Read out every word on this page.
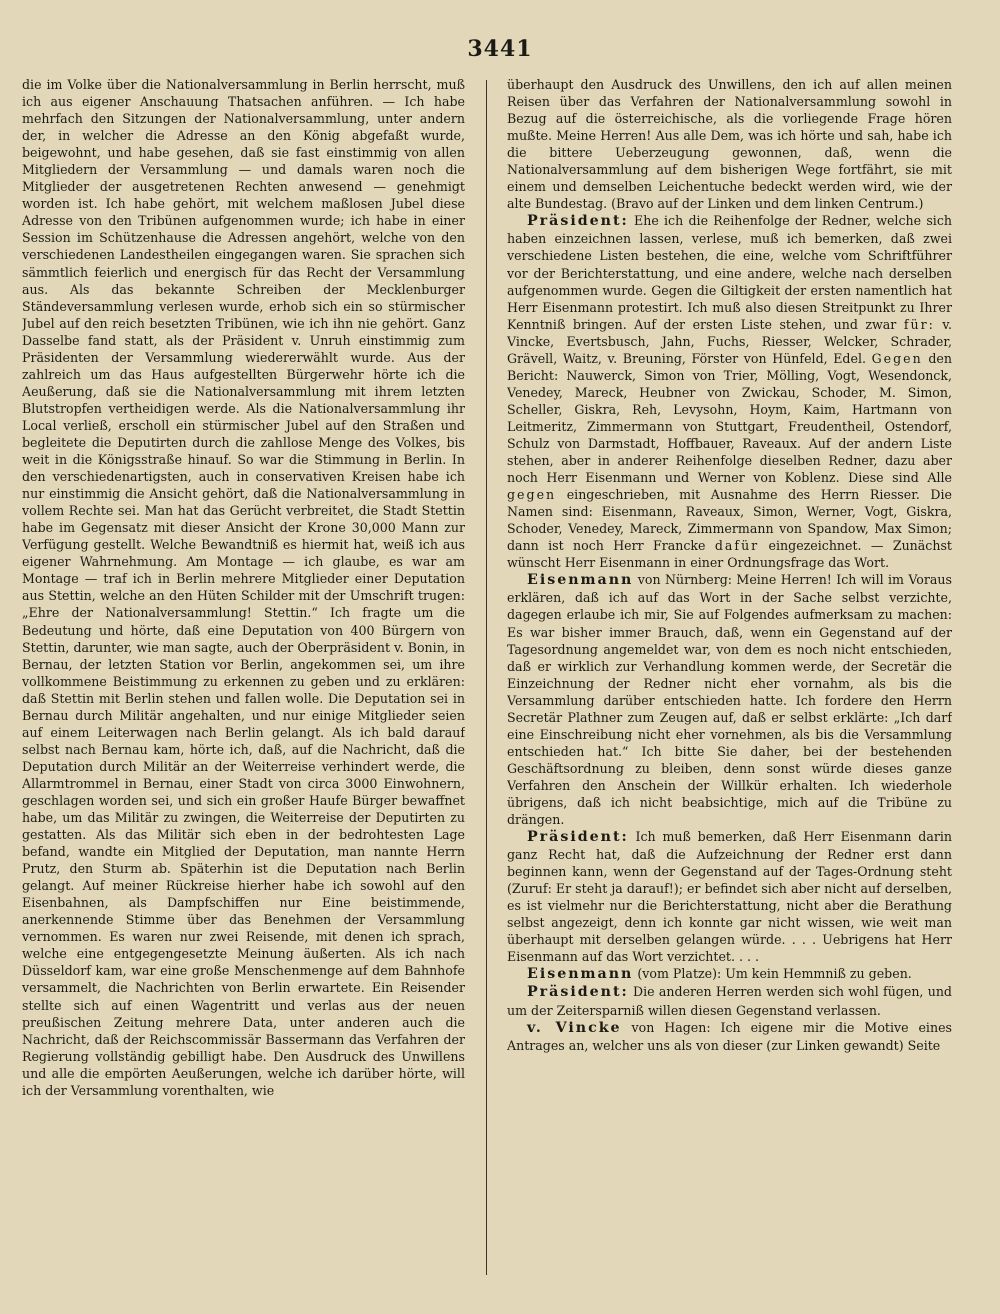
3441

die im Volke über die Nationalversammlung in Berlin herrscht, muß ich aus eigener Anschauung Thatsachen anführen. — Ich habe mehrfach den Sitzungen der Nationalversammlung, unter andern der, in welcher die Adresse an den König abgefaßt wurde, beigewohnt, und habe gesehen, daß sie fast einstimmig von allen Mitgliedern der Versammlung — und damals waren noch die Mitglieder der ausgetretenen Rechten anwesend — genehmigt worden ist. Ich habe gehört, mit welchem maßlosen Jubel diese Adresse von den Tribünen aufgenommen wurde; ich habe in einer Session im Schützenhause die Adressen angehört, welche von den verschiedenen Landestheilen eingegangen waren. Sie sprachen sich sämmtlich feierlich und energisch für das Recht der Versammlung aus. Als das bekannte Schreiben der Mecklenburger Ständeversammlung verlesen wurde, erhob sich ein so stürmischer Jubel auf den reich besetzten Tribünen, wie ich ihn nie gehört. Ganz Dasselbe fand statt, als der Präsident v. Unruh einstimmig zum Präsidenten der Versammlung wiedererwählt wurde. Aus der zahlreich um das Haus aufgestellten Bürgerwehr hörte ich die Aeußerung, daß sie die Nationalversammlung mit ihrem letzten Blutstropfen vertheidigen werde. Als die Nationalversammlung ihr Local verließ, erscholl ein stürmischer Jubel auf den Straßen und begleitete die Deputirten durch die zahllose Menge des Volkes, bis weit in die Königsstraße hinauf. So war die Stimmung in Berlin. In den verschiedenartigsten, auch in conservativen Kreisen habe ich nur einstimmig die Ansicht gehört, daß die Nationalversammlung in vollem Rechte sei. Man hat das Gerücht verbreitet, die Stadt Stettin habe im Gegensatz mit dieser Ansicht der Krone 30,000 Mann zur Verfügung gestellt. Welche Bewandtniß es hiermit hat, weiß ich aus eigener Wahrnehmung. Am Montage — ich glaube, es war am Montage — traf ich in Berlin mehrere Mitglieder einer Deputation aus Stettin, welche an den Hüten Schilder mit der Umschrift trugen: „Ehre der Nationalversammlung! Stettin.“ Ich fragte um die Bedeutung und hörte, daß eine Deputation von 400 Bürgern von Stettin, darunter, wie man sagte, auch der Oberpräsident v. Bonin, in Bernau, der letzten Station vor Berlin, angekommen sei, um ihre vollkommene Beistimmung zu erkennen zu geben und zu erklären: daß Stettin mit Berlin stehen und fallen wolle. Die Deputation sei in Bernau durch Militär angehalten, und nur einige Mitglieder seien auf einem Leiterwagen nach Berlin gelangt. Als ich bald darauf selbst nach Bernau kam, hörte ich, daß, auf die Nachricht, daß die Deputation durch Militär an der Weiterreise verhindert werde, die Allarmtrommel in Bernau, einer Stadt von circa 3000 Einwohnern, geschlagen worden sei, und sich ein großer Haufe Bürger bewaffnet habe, um das Militär zu zwingen, die Weiterreise der Deputirten zu gestatten. Als das Militär sich eben in der bedrohtesten Lage befand, wandte ein Mitglied der Deputation, man nannte Herrn Prutz, den Sturm ab. Späterhin ist die Deputation nach Berlin gelangt. Auf meiner Rückreise hierher habe ich sowohl auf den Eisenbahnen, als Dampfschiffen nur Eine beistimmende, anerkennende Stimme über das Benehmen der Versammlung vernommen. Es waren nur zwei Reisende, mit denen ich sprach, welche eine entgegengesetzte Meinung äußerten. Als ich nach Düsseldorf kam, war eine große Menschenmenge auf dem Bahnhofe versammelt, die Nachrichten von Berlin erwartete. Ein Reisender stellte sich auf einen Wagentritt und verlas aus der neuen preußischen Zeitung mehrere Data, unter anderen auch die Nachricht, daß der Reichscommissär Bassermann das Verfahren der Regierung vollständig gebilligt habe. Den Ausdruck des Unwillens und alle die empörten Aeußerungen, welche ich darüber hörte, will ich der Versammlung vorenthalten, wie

überhaupt den Ausdruck des Unwillens, den ich auf allen meinen Reisen über das Verfahren der Nationalversammlung sowohl in Bezug auf die österreichische, als die vorliegende Frage hören mußte. Meine Herren! Aus alle Dem, was ich hörte und sah, habe ich die bittere Ueberzeugung gewonnen, daß, wenn die Nationalversammlung auf dem bisherigen Wege fortfährt, sie mit einem und demselben Leichentuche bedeckt werden wird, wie der alte Bundestag. (Bravo auf der Linken und dem linken Centrum.)

Präsident: Ehe ich die Reihenfolge der Redner, welche sich haben einzeichnen lassen, verlese, muß ich bemerken, daß zwei verschiedene Listen bestehen, die eine, welche vom Schriftführer vor der Berichterstattung, und eine andere, welche nach derselben aufgenommen wurde. Gegen die Giltigkeit der ersten namentlich hat Herr Eisenmann protestirt. Ich muß also diesen Streitpunkt zu Ihrer Kenntniß bringen. Auf der ersten Liste stehen, und zwar für: v. Vincke, Evertsbusch, Jahn, Fuchs, Riesser, Welcker, Schrader, Grävell, Waitz, v. Breuning, Förster von Hünfeld, Edel. Gegen den Bericht: Nauwerck, Simon von Trier, Mölling, Vogt, Wesendonck, Venedey, Mareck, Heubner von Zwickau, Schoder, M. Simon, Scheller, Giskra, Reh, Levysohn, Hoym, Kaim, Hartmann von Leitmeritz, Zimmermann von Stuttgart, Freudentheil, Ostendorf, Schulz von Darmstadt, Hoffbauer, Raveaux. Auf der andern Liste stehen, aber in anderer Reihenfolge dieselben Redner, dazu aber noch Herr Eisenmann und Werner von Koblenz. Diese sind Alle gegen eingeschrieben, mit Ausnahme des Herrn Riesser. Die Namen sind: Eisenmann, Raveaux, Simon, Werner, Vogt, Giskra, Schoder, Venedey, Mareck, Zimmermann von Spandow, Max Simon; dann ist noch Herr Francke dafür eingezeichnet. — Zunächst wünscht Herr Eisenmann in einer Ordnungsfrage das Wort.

Eisenmann von Nürnberg: Meine Herren! Ich will im Voraus erklären, daß ich auf das Wort in der Sache selbst verzichte, dagegen erlaube ich mir, Sie auf Folgendes aufmerksam zu machen: Es war bisher immer Brauch, daß, wenn ein Gegenstand auf der Tagesordnung angemeldet war, von dem es noch nicht entschieden, daß er wirklich zur Verhandlung kommen werde, der Secretär die Einzeichnung der Redner nicht eher vornahm, als bis die Versammlung darüber entschieden hatte. Ich fordere den Herrn Secretär Plathner zum Zeugen auf, daß er selbst erklärte: „Ich darf eine Einschreibung nicht eher vornehmen, als bis die Versammlung entschieden hat.“ Ich bitte Sie daher, bei der bestehenden Geschäftsordnung zu bleiben, denn sonst würde dieses ganze Verfahren den Anschein der Willkür erhalten. Ich wiederhole übrigens, daß ich nicht beabsichtige, mich auf die Tribüne zu drängen.

Präsident: Ich muß bemerken, daß Herr Eisenmann darin ganz Recht hat, daß die Aufzeichnung der Redner erst dann beginnen kann, wenn der Gegenstand auf der Tages-Ordnung steht (Zuruf: Er steht ja darauf!); er befindet sich aber nicht auf derselben, es ist vielmehr nur die Berichterstattung, nicht aber die Berathung selbst angezeigt, denn ich konnte gar nicht wissen, wie weit man überhaupt mit derselben gelangen würde. . . . Uebrigens hat Herr Eisenmann auf das Wort verzichtet. . . .

Eisenmann (vom Platze): Um kein Hemmniß zu geben.

Präsident: Die anderen Herren werden sich wohl fügen, und um der Zeitersparniß willen diesen Gegenstand verlassen.

v. Vincke von Hagen: Ich eigene mir die Motive eines Antrages an, welcher uns als von dieser (zur Linken gewandt) Seite
